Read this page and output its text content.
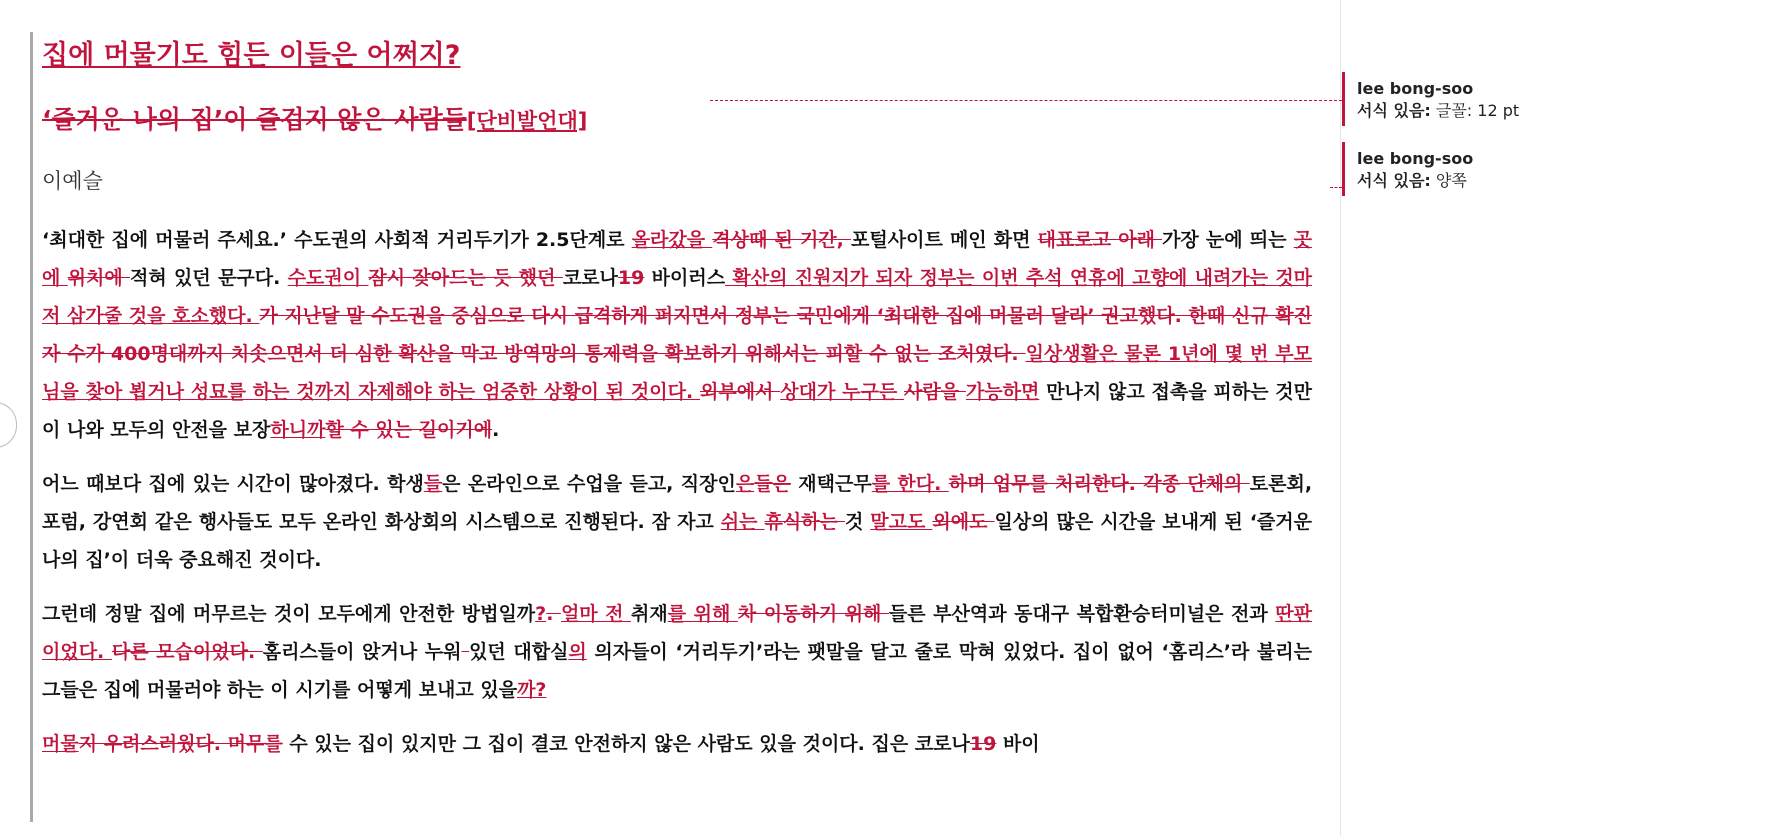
집에 머물기도 힘든 이들은 어쩌지?
‘즐거운 나의 집’이 즐겁지 않은 사람들[단비발언대]
이예슬
‘최대한 집에 머물러 주세요.’ 수도권의 사회적 거리두기가 2.5단계로 올라갔을 격상때 된 기간, 포털사이트 메인 화면 대표로고 아래 가장 눈에 띄는 곳에 위치에 적혀 있던 문구다. 수도권이 잠시 잦아드는 듯 했던 코로나19 바이러스 확산의 진원지가 되자 정부는 이번 추석 연휴에 고향에 내려가는 것마저 삼가줄 것을 호소했다. 가 지난달 말 수도권을 중심으로 다시 급격하게 퍼지면서 정부는 국민에게 ‘최대한 집에 머물러 달라’ 권고했다. 한때 신규 확진자 수가 400명대까지 치솟으면서 더 심한 확산을 막고 방역망의 통제력을 확보하기 위해서는 피할 수 없는 조처였다. 일상생활은 물론 1년에 몇 번 부모님을 찾아 뵙거나 성묘를 하는 것까지 자제해야 하는 엄중한 상황이 된 것이다. 외부에서 상대가 누구든 사람을 가능하면 만나지 않고 접촉을 피하는 것만이 나와 모두의 안전을 보장하니까할 수 있는 길이기에.
어느 때보다 집에 있는 시간이 많아졌다. 학생들은 온라인으로 수업을 듣고, 직장인은들은 재택근무를 한다. 하며 업무를 처리한다. 각종 단체의 토론회, 포럼, 강연회 같은 행사들도 모두 온라인 화상회의 시스템으로 진행된다. 잠 자고 쉬는 휴식하는 것 말고도 외에도 일상의 많은 시간을 보내게 된 ‘즐거운 나의 집’이 더욱 중요해진 것이다.
그런데 정말 집에 머무르는 것이 모두에게 안전한 방법일까?. 얼마 전 취재를 위해 차 이동하기 위해 들른 부산역과 동대구 복합환승터미널은 전과 딴판이었다. 다른 모습이었다. 홈리스들이 앉거나 누워 있던 대합실의 의자들이 ‘거리두기’라는 팻말을 달고 줄로 막혀 있었다. 집이 없어 ‘홈리스’라 불리는 그들은 집에 머물러야 하는 이 시기를 어떻게 보내고 있을까?
머물지 우려스러웠다. 머무를 수 있는 집이 있지만 그 집이 결코 안전하지 않은 사람도 있을 것이다. 집은 코로나19 바이
lee bong-soo
서식 있음: 글꼴: 12 pt
lee bong-soo
서식 있음: 양쪽
